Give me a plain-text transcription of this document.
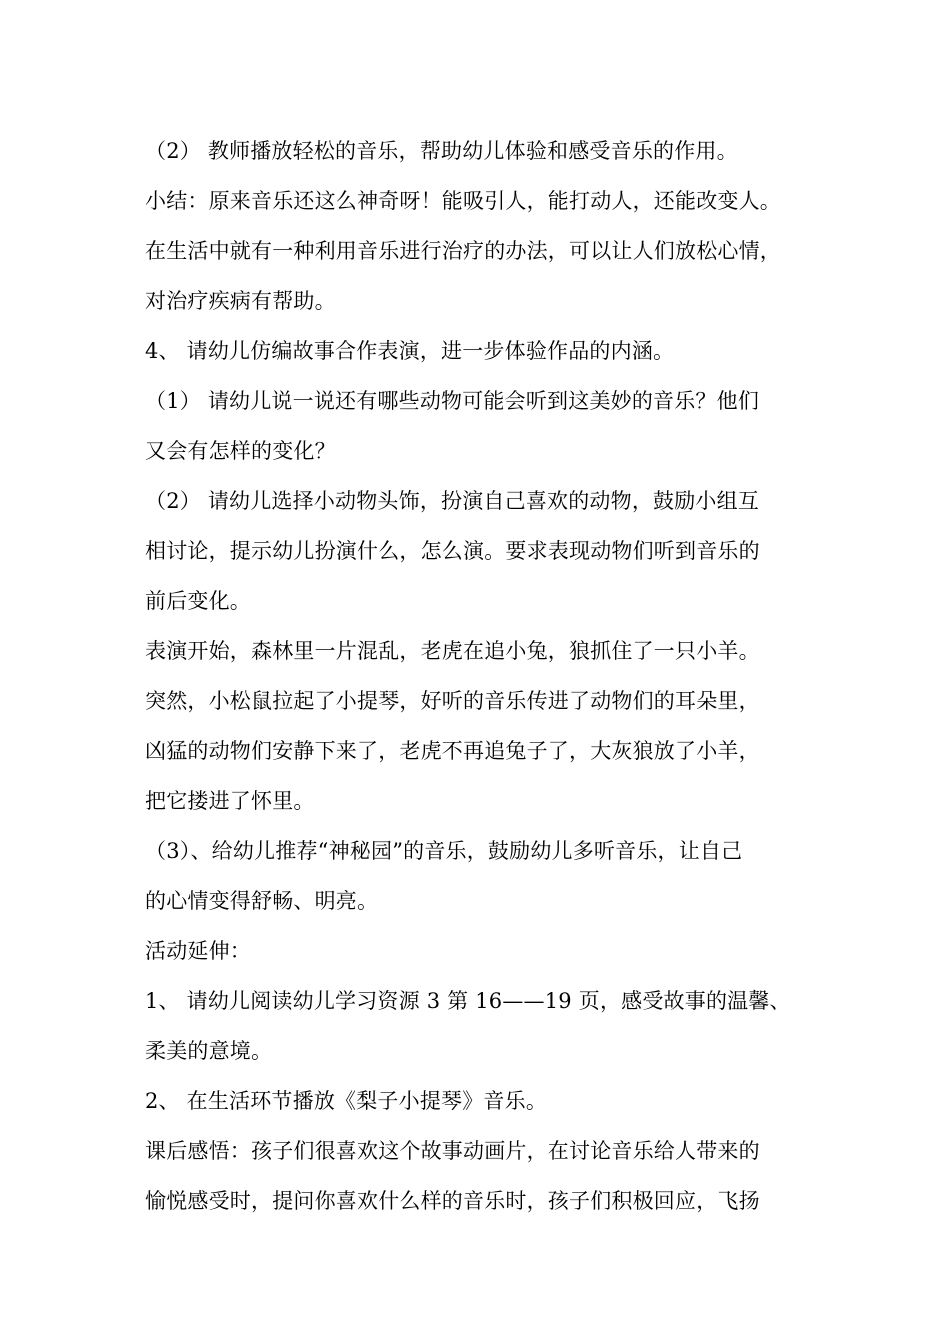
（2） 教师播放轻松的音乐，帮助幼儿体验和感受音乐的作用。
小结：原来音乐还这么神奇呀！能吸引人，能打动人，还能改变人。
在生活中就有一种利用音乐进行治疗的办法，可以让人们放松心情，
对治疗疾病有帮助。
4、 请幼儿仿编故事合作表演，进一步体验作品的内涵。
（1） 请幼儿说一说还有哪些动物可能会听到这美妙的音乐？他们
又会有怎样的变化？
（2） 请幼儿选择小动物头饰，扮演自己喜欢的动物，鼓励小组互
相讨论，提示幼儿扮演什么，怎么演。要求表现动物们听到音乐的
前后变化。
表演开始，森林里一片混乱，老虎在追小兔，狼抓住了一只小羊。
突然，小松鼠拉起了小提琴，好听的音乐传进了动物们的耳朵里，
凶猛的动物们安静下来了，老虎不再追兔子了，大灰狼放了小羊，
把它搂进了怀里。
（3）、给幼儿推荐“神秘园”的音乐，鼓励幼儿多听音乐，让自己
的心情变得舒畅、明亮。
活动延伸：
1、 请幼儿阅读幼儿学习资源 3 第 16——19 页，感受故事的温馨、
柔美的意境。
2、 在生活环节播放《梨子小提琴》音乐。
课后感悟：孩子们很喜欢这个故事动画片，在讨论音乐给人带来的
愉悦感受时，提问你喜欢什么样的音乐时，孩子们积极回应，飞扬
